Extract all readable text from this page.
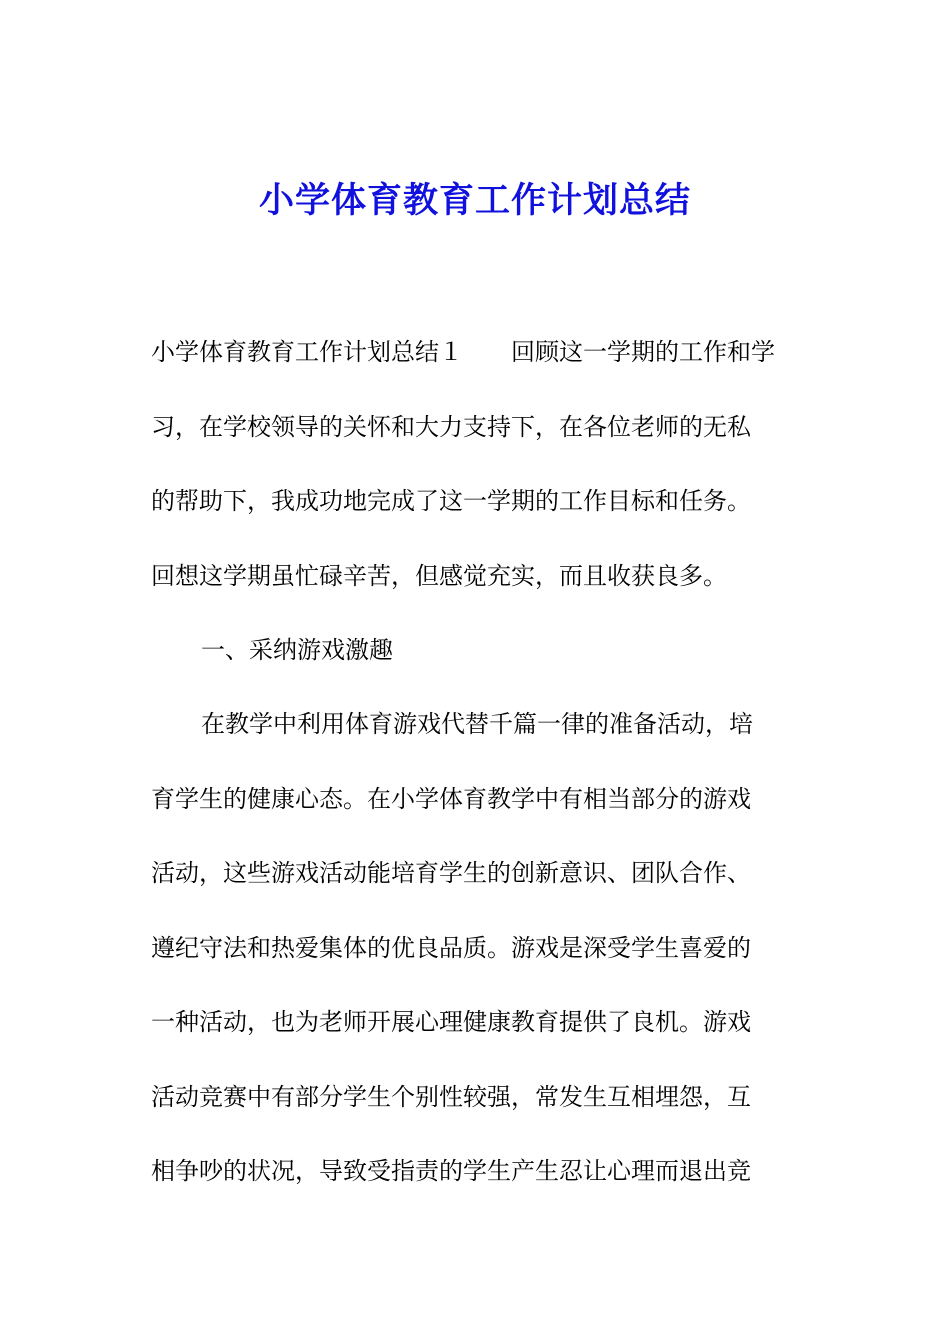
小学体育教育工作计划总结
小学体育教育工作计划总结１　　回顾这一学期的工作和学
习，在学校领导的关怀和大力支持下，在各位老师的无私
的帮助下，我成功地完成了这一学期的工作目标和任务。
回想这学期虽忙碌辛苦，但感觉充实，而且收获良多。
一、采纳游戏激趣
在教学中利用体育游戏代替千篇一律的准备活动，培
育学生的健康心态。在小学体育教学中有相当部分的游戏
活动，这些游戏活动能培育学生的创新意识、团队合作、
遵纪守法和热爱集体的优良品质。游戏是深受学生喜爱的
一种活动，也为老师开展心理健康教育提供了良机。游戏
活动竞赛中有部分学生个别性较强，常发生互相埋怨，互
相争吵的状况，导致受指责的学生产生忍让心理而退出竞
